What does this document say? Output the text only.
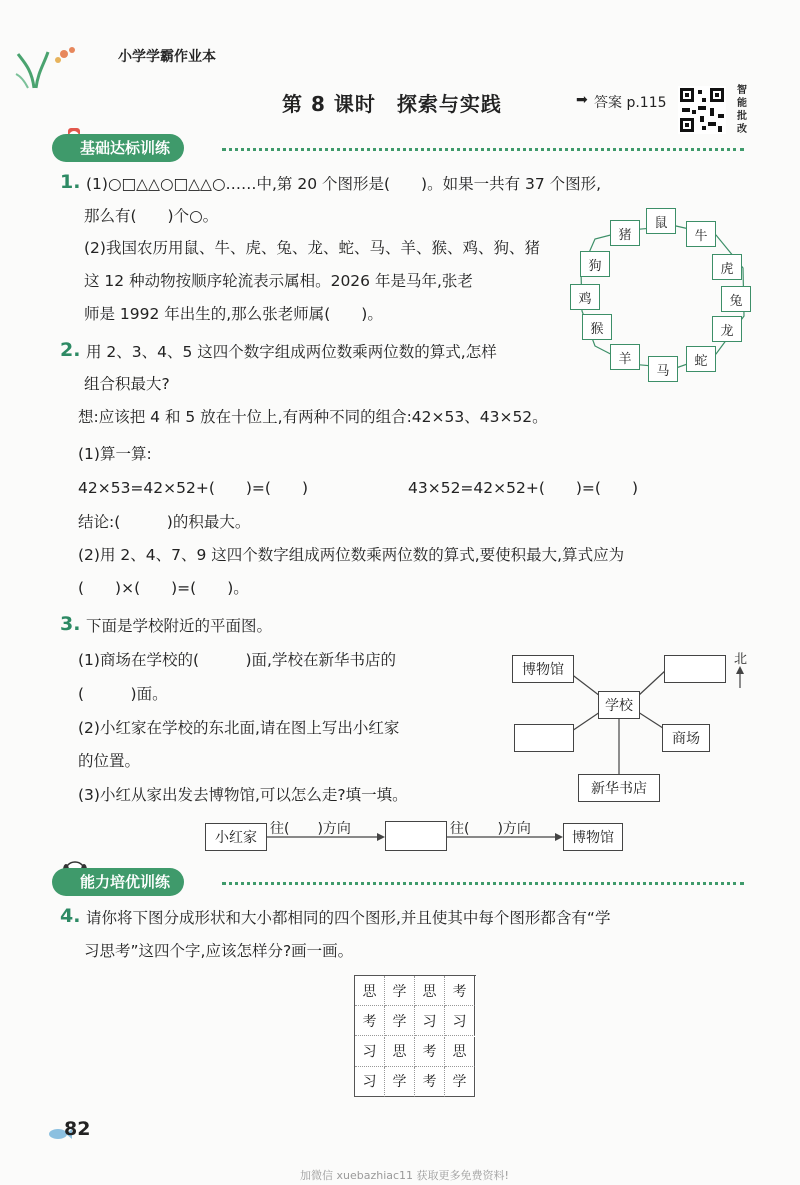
小学学霸作业本
第 8 课时　探索与实践	➡ 答案 p.115
智能批改
基础达标训练
1. (1)○□△△○□△△○……中,第 20 个图形是(　　)。如果一共有 37 个图形,
那么有(　　)个○。
(2)我国农历用鼠、牛、虎、兔、龙、蛇、马、羊、猴、鸡、狗、猪
这 12 种动物按顺序轮流表示属相。2026 年是马年,张老
师是 1992 年出生的,那么张老师属(　　)。
鼠
牛
虎
兔
龙
蛇
马
羊
猴
鸡
狗
猪
2. 用 2、3、4、5 这四个数字组成两位数乘两位数的算式,怎样
组合积最大?
想:应该把 4 和 5 放在十位上,有两种不同的组合:42×53、43×52。
(1)算一算:
42×53=42×52+(　　)=(　　)	43×52=42×52+(　　)=(　　)
结论:(　　　)的积最大。
(2)用 2、4、7、9 这四个数字组成两位数乘两位数的算式,要使积最大,算式应为
(　　)×(　　)=(　　)。
3. 下面是学校附近的平面图。
(1)商场在学校的(　　　)面,学校在新华书店的
(　　　)面。
(2)小红家在学校的东北面,请在图上写出小红家
的位置。
(3)小红从家出发去博物馆,可以怎么走?填一填。
博物馆
学校
商场
新华书店
北
小红家
往(　　)方向	往(　　)方向
博物馆
能力培优训练
4. 请你将下图分成形状和大小都相同的四个图形,并且使其中每个图形都含有“学
习思考”这四个字,应该怎样分?画一画。
思	学	思	考
考	学	习	习
习	思	考	思
习	学	考	学
82
加微信 xuebazhiac11 获取更多免费资料!
